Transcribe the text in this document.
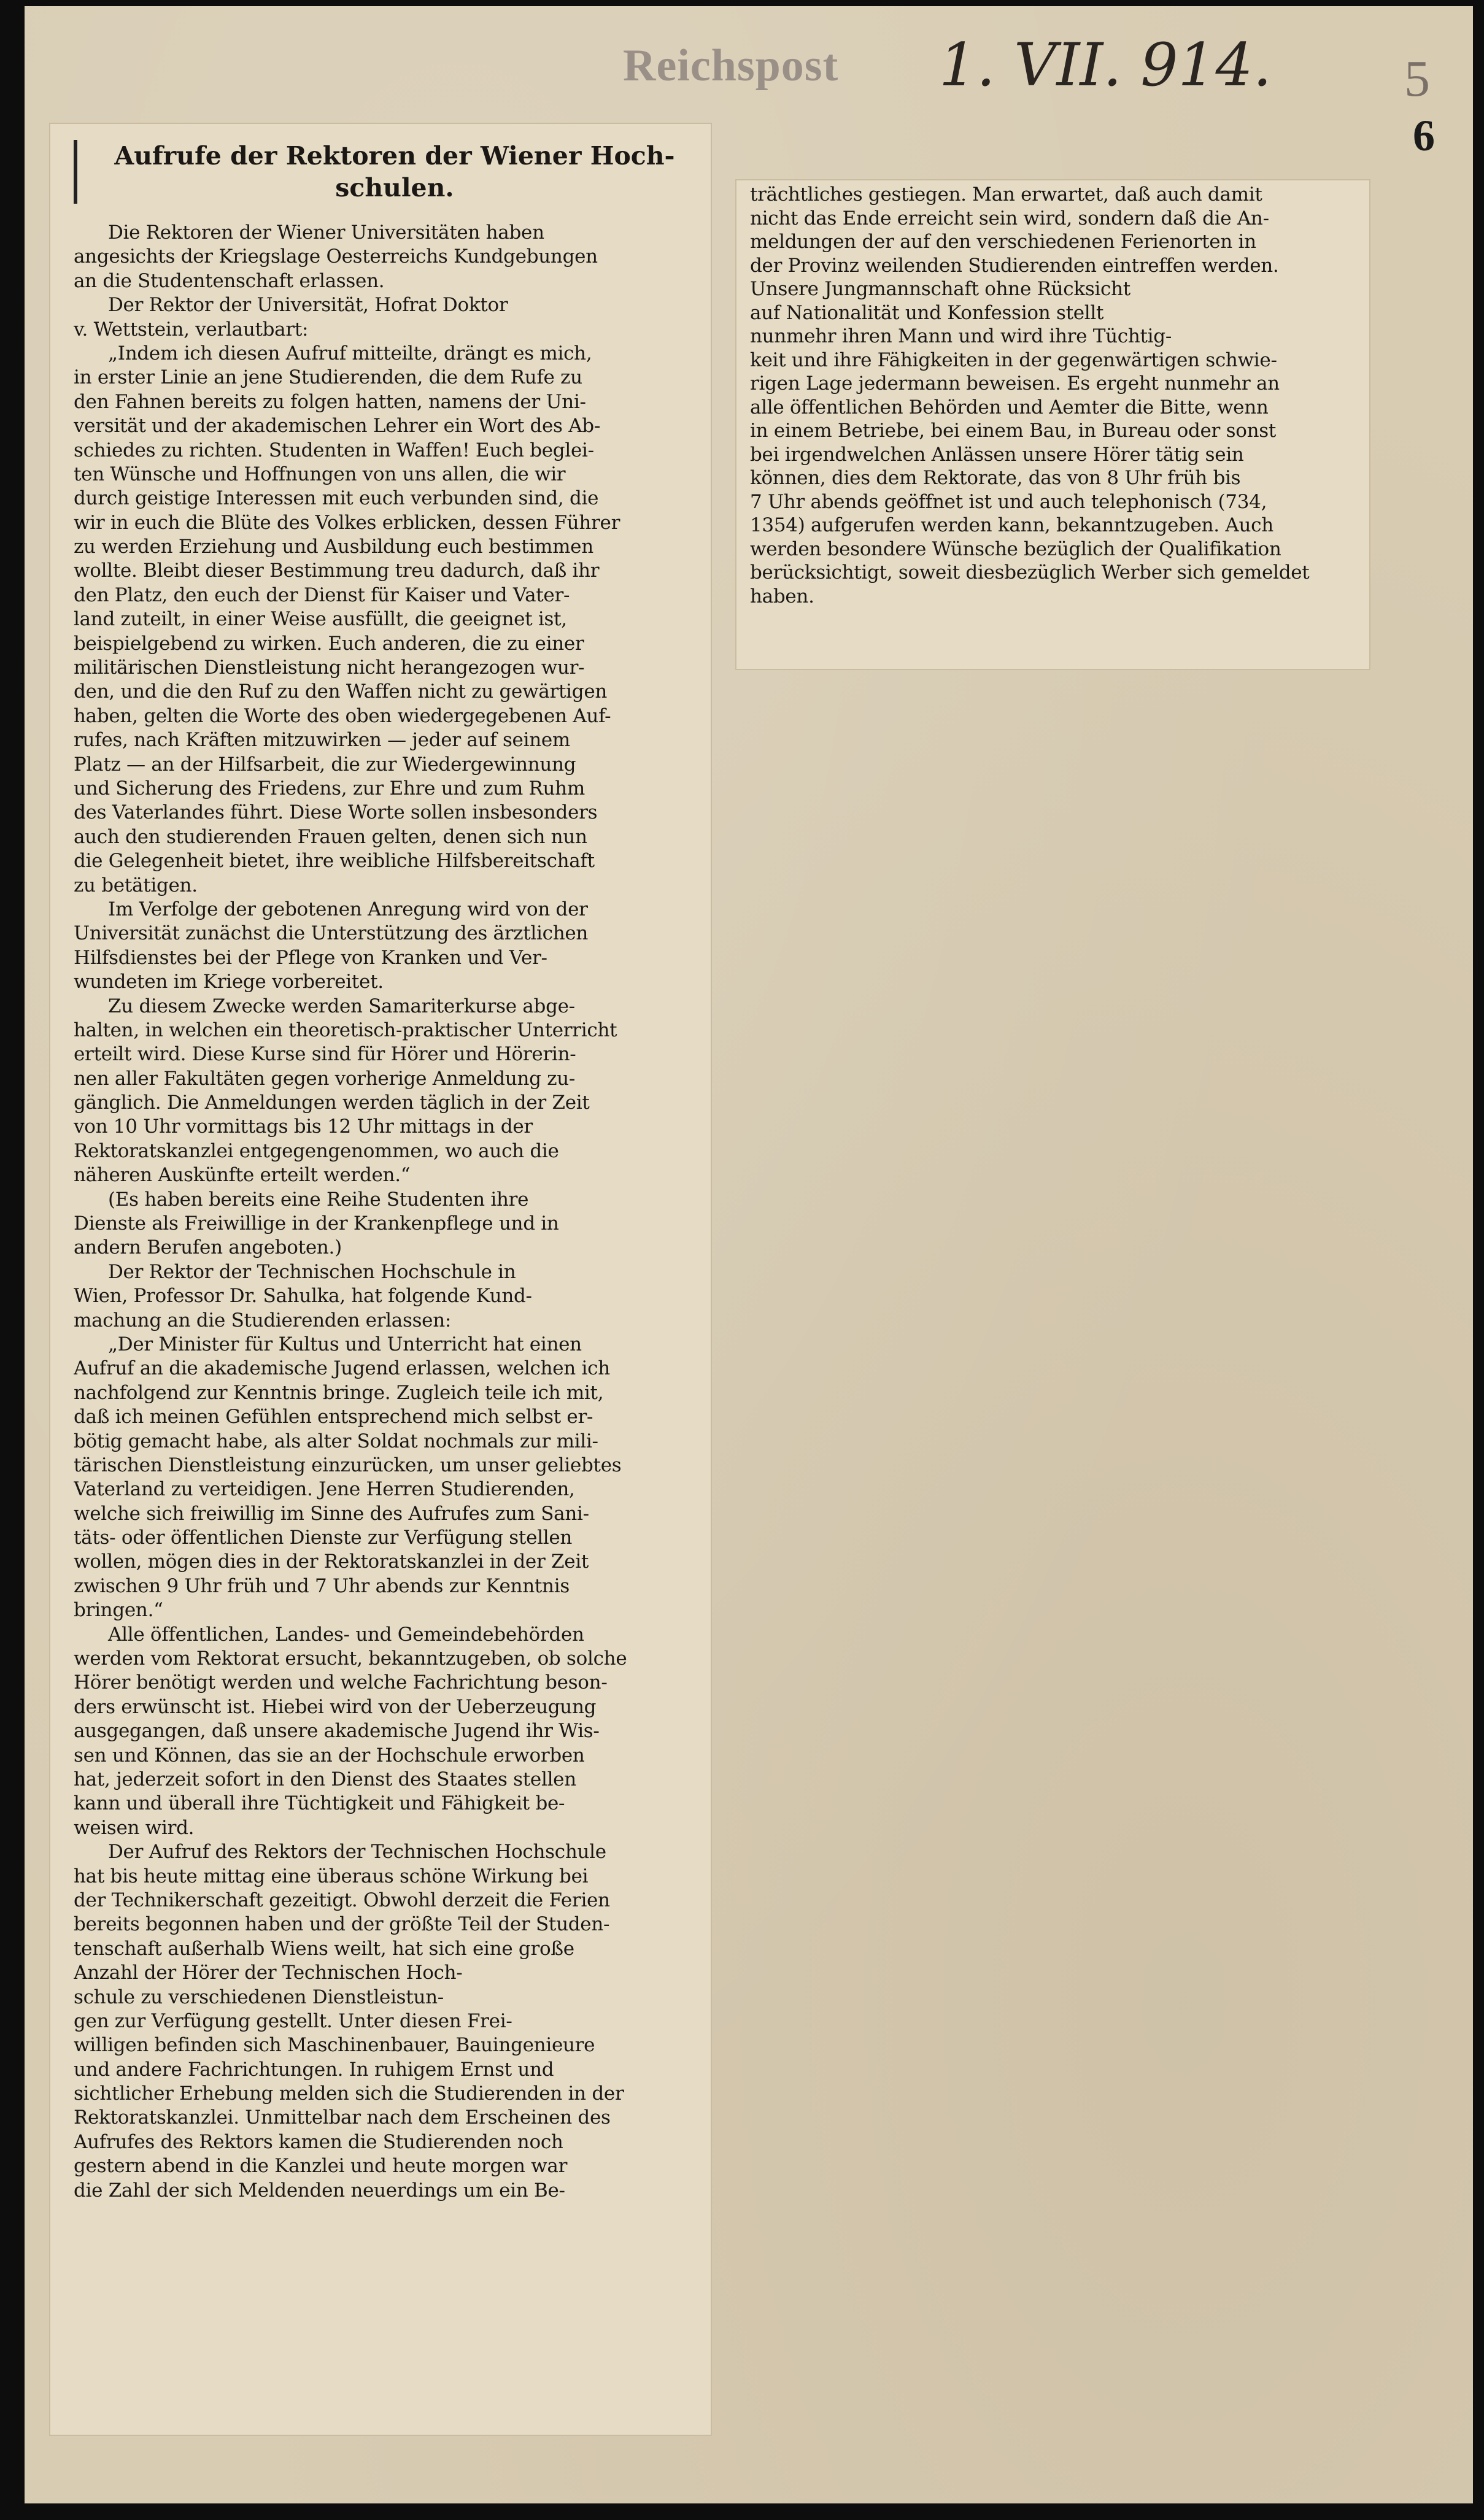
Reichspost 1. VII. 914.	5
6
Aufrufe der Rektoren der Wiener Hoch-
schulen.
Die Rektoren der Wiener Universitäten haben
angesichts der Kriegslage Oesterreichs Kundgebungen
an die Studentenschaft erlassen.
Der Rektor der Universität, Hofrat Doktor
v. Wettstein, verlautbart:
„Indem ich diesen Aufruf mitteilte, drängt es mich,
in erster Linie an jene Studierenden, die dem Rufe zu
den Fahnen bereits zu folgen hatten, namens der Uni-
versität und der akademischen Lehrer ein Wort des Ab-
schiedes zu richten. Studenten in Waffen! Euch beglei-
ten Wünsche und Hoffnungen von uns allen, die wir
durch geistige Interessen mit euch verbunden sind, die
wir in euch die Blüte des Volkes erblicken, dessen Führer
zu werden Erziehung und Ausbildung euch bestimmen
wollte. Bleibt dieser Bestimmung treu dadurch, daß ihr
den Platz, den euch der Dienst für Kaiser und Vater-
land zuteilt, in einer Weise ausfüllt, die geeignet ist,
beispielgebend zu wirken. Euch anderen, die zu einer
militärischen Dienstleistung nicht herangezogen wur-
den, und die den Ruf zu den Waffen nicht zu gewärtigen
haben, gelten die Worte des oben wiedergegebenen Auf-
rufes, nach Kräften mitzuwirken — jeder auf seinem
Platz — an der Hilfsarbeit, die zur Wiedergewinnung
und Sicherung des Friedens, zur Ehre und zum Ruhm
des Vaterlandes führt. Diese Worte sollen insbesonders
auch den studierenden Frauen gelten, denen sich nun
die Gelegenheit bietet, ihre weibliche Hilfsbereitschaft
zu betätigen.
Im Verfolge der gebotenen Anregung wird von der
Universität zunächst die Unterstützung des ärztlichen
Hilfsdienstes bei der Pflege von Kranken und Ver-
wundeten im Kriege vorbereitet.
Zu diesem Zwecke werden Samariterkurse abge-
halten, in welchen ein theoretisch-praktischer Unterricht
erteilt wird. Diese Kurse sind für Hörer und Hörerin-
nen aller Fakultäten gegen vorherige Anmeldung zu-
gänglich. Die Anmeldungen werden täglich in der Zeit
von 10 Uhr vormittags bis 12 Uhr mittags in der
Rektoratskanzlei entgegengenommen, wo auch die
näheren Auskünfte erteilt werden.“
(Es haben bereits eine Reihe Studenten ihre
Dienste als Freiwillige in der Krankenpflege und in
andern Berufen angeboten.)
Der Rektor der Technischen Hochschule in
Wien, Professor Dr. Sahulka, hat folgende Kund-
machung an die Studierenden erlassen:
„Der Minister für Kultus und Unterricht hat einen
Aufruf an die akademische Jugend erlassen, welchen ich
nachfolgend zur Kenntnis bringe. Zugleich teile ich mit,
daß ich meinen Gefühlen entsprechend mich selbst er-
bötig gemacht habe, als alter Soldat nochmals zur mili-
tärischen Dienstleistung einzurücken, um unser geliebtes
Vaterland zu verteidigen. Jene Herren Studierenden,
welche sich freiwillig im Sinne des Aufrufes zum Sani-
täts- oder öffentlichen Dienste zur Verfügung stellen
wollen, mögen dies in der Rektoratskanzlei in der Zeit
zwischen 9 Uhr früh und 7 Uhr abends zur Kenntnis
bringen.“
Alle öffentlichen, Landes- und Gemeindebehörden
werden vom Rektorat ersucht, bekanntzugeben, ob solche
Hörer benötigt werden und welche Fachrichtung beson-
ders erwünscht ist. Hiebei wird von der Ueberzeugung
ausgegangen, daß unsere akademische Jugend ihr Wis-
sen und Können, das sie an der Hochschule erworben
hat, jederzeit sofort in den Dienst des Staates stellen
kann und überall ihre Tüchtigkeit und Fähigkeit be-
weisen wird.
Der Aufruf des Rektors der Technischen Hochschule
hat bis heute mittag eine überaus schöne Wirkung bei
der Technikerschaft gezeitigt. Obwohl derzeit die Ferien
bereits begonnen haben und der größte Teil der Studen-
tenschaft außerhalb Wiens weilt, hat sich eine große
Anzahl der Hörer der Technischen Hoch-
schule zu verschiedenen Dienstleistun-
gen zur Verfügung gestellt. Unter diesen Frei-
willigen befinden sich Maschinenbauer, Bauingenieure
und andere Fachrichtungen. In ruhigem Ernst und
sichtlicher Erhebung melden sich die Studierenden in der
Rektoratskanzlei. Unmittelbar nach dem Erscheinen des
Aufrufes des Rektors kamen die Studierenden noch
gestern abend in die Kanzlei und heute morgen war
die Zahl der sich Meldenden neuerdings um ein Be-
trächtliches gestiegen. Man erwartet, daß auch damit
nicht das Ende erreicht sein wird, sondern daß die An-
meldungen der auf den verschiedenen Ferienorten in
der Provinz weilenden Studierenden eintreffen werden.
Unsere Jungmannschaft ohne Rücksicht
auf Nationalität und Konfession stellt
nunmehr ihren Mann und wird ihre Tüchtig-
keit und ihre Fähigkeiten in der gegenwärtigen schwie-
rigen Lage jedermann beweisen. Es ergeht nunmehr an
alle öffentlichen Behörden und Aemter die Bitte, wenn
in einem Betriebe, bei einem Bau, in Bureau oder sonst
bei irgendwelchen Anlässen unsere Hörer tätig sein
können, dies dem Rektorate, das von 8 Uhr früh bis
7 Uhr abends geöffnet ist und auch telephonisch (734,
1354) aufgerufen werden kann, bekanntzugeben. Auch
werden besondere Wünsche bezüglich der Qualifikation
berücksichtigt, soweit diesbezüglich Werber sich gemeldet
haben.
